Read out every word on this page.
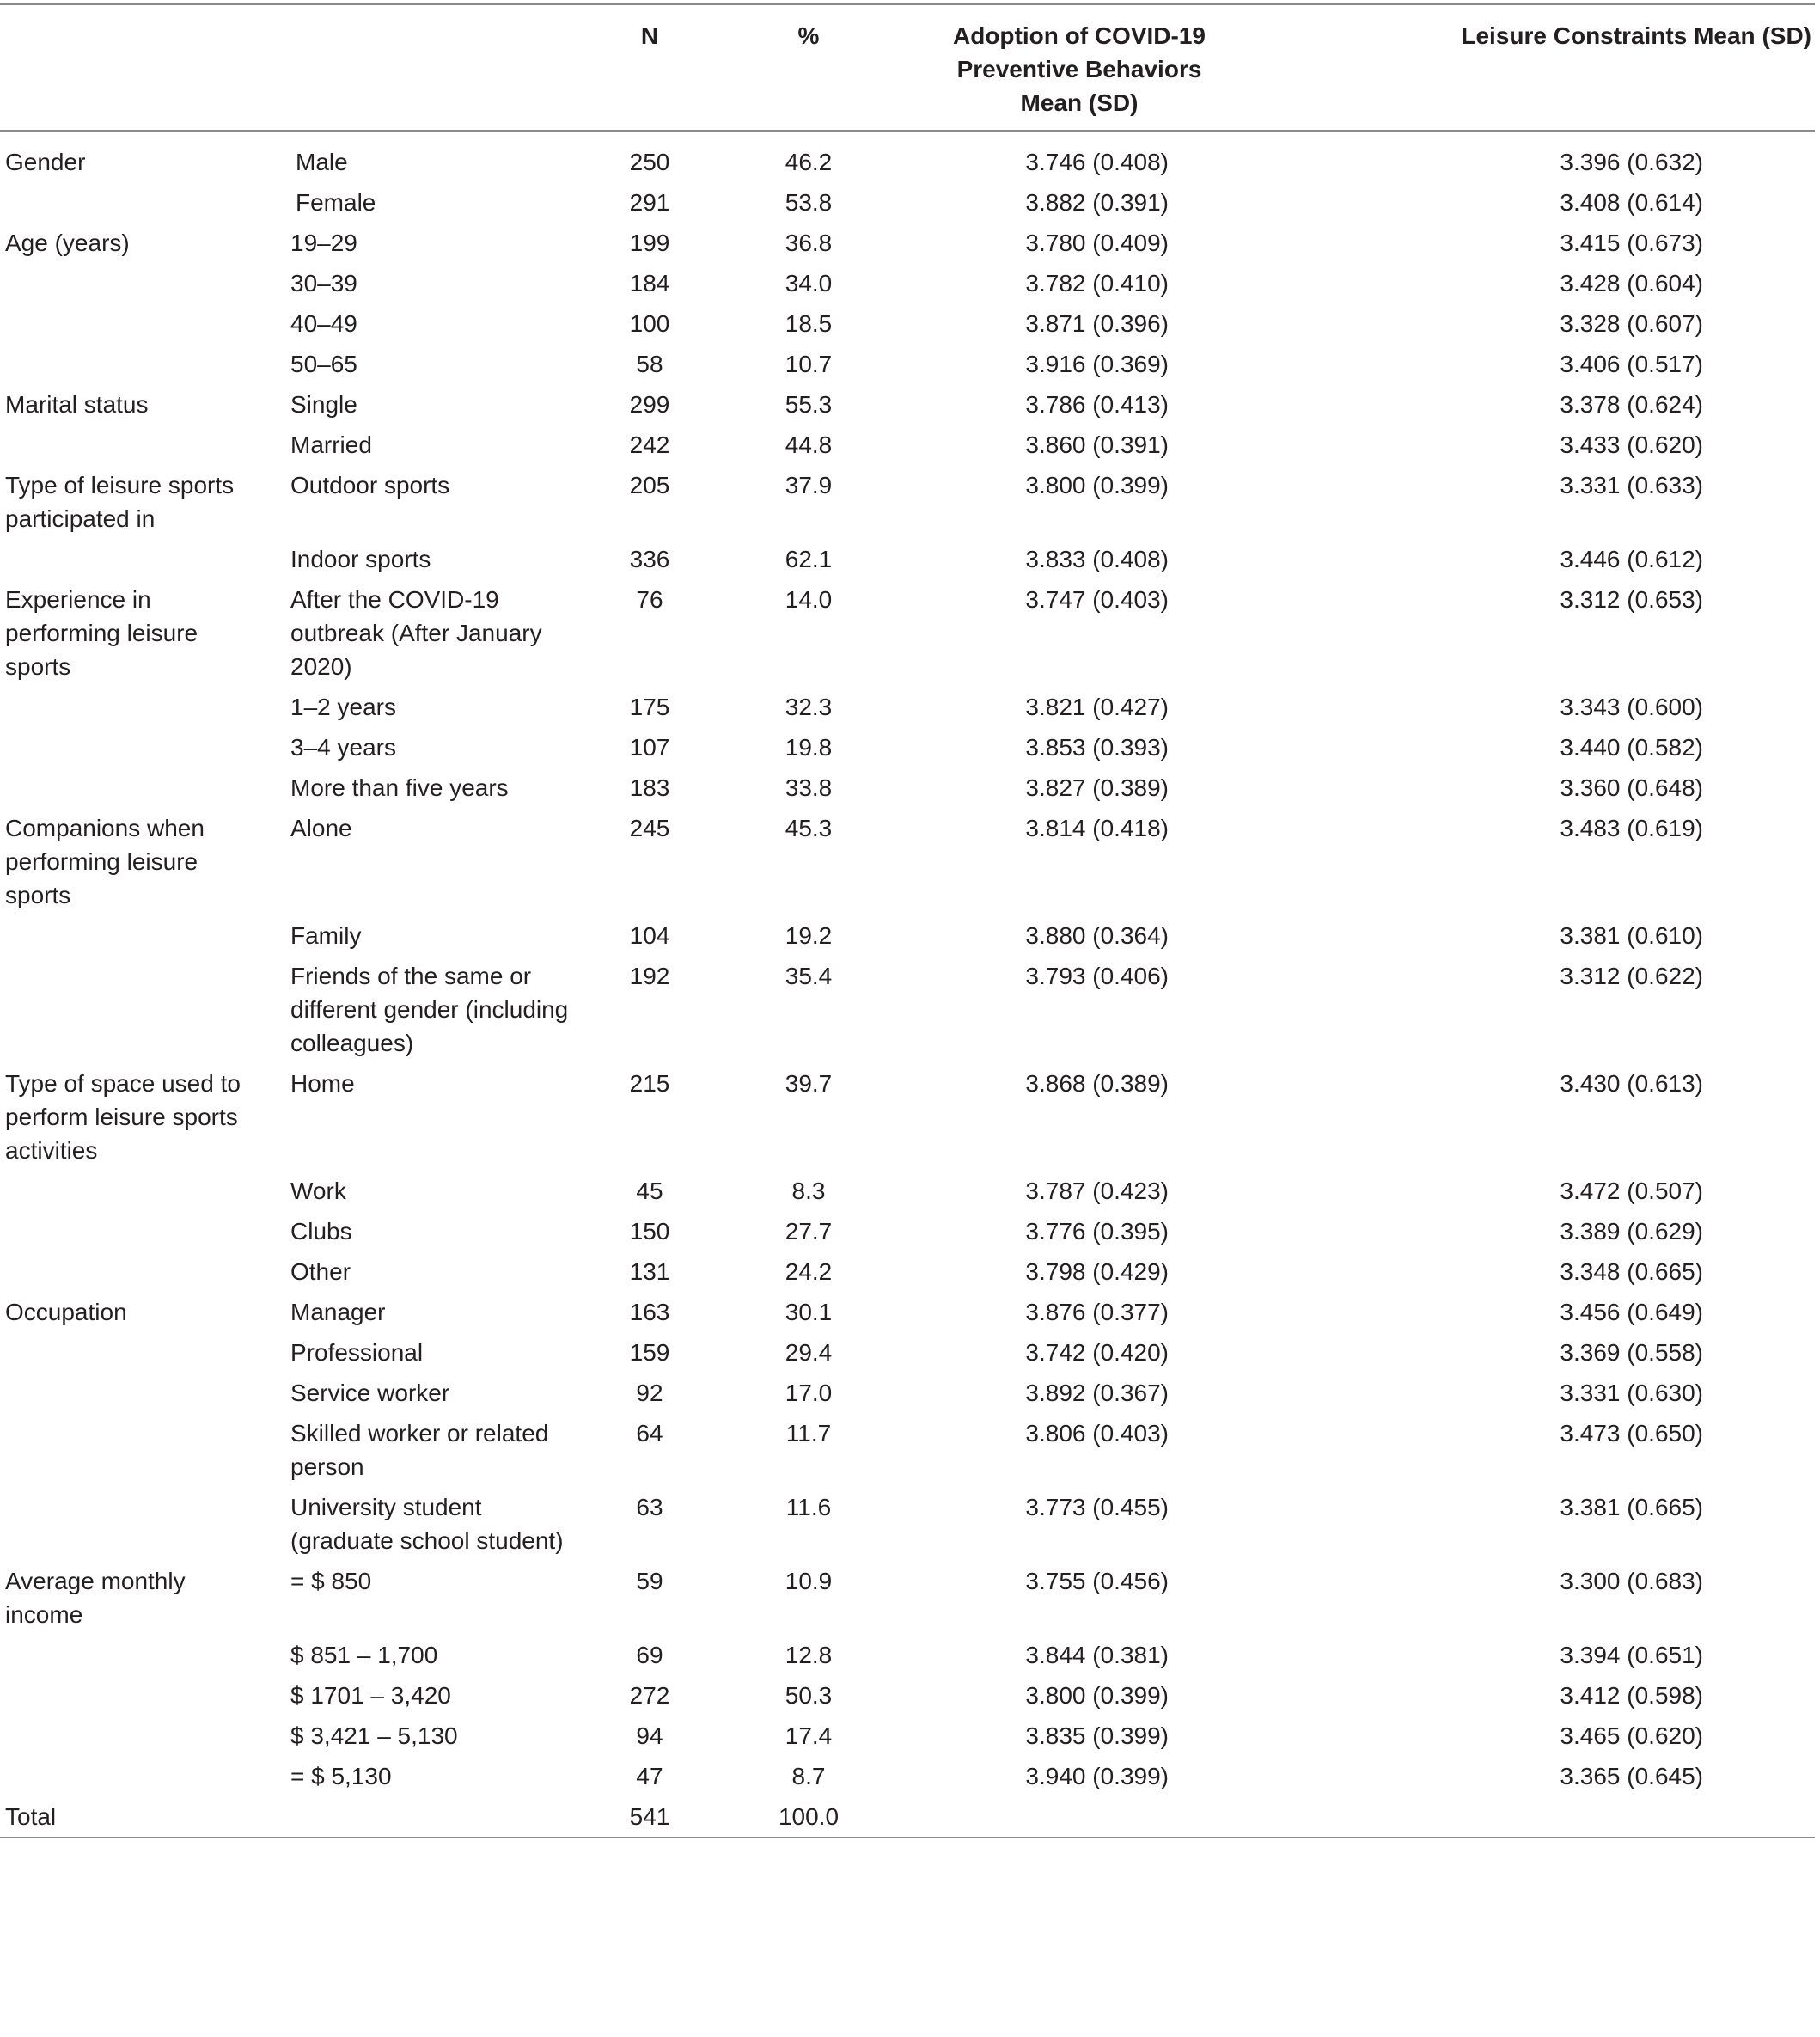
		N	%	Adoption of COVID-19 Preventive Behaviors Mean (SD)	Leisure Constraints Mean (SD)
Gender	Male	250	46.2	3.746 (0.408)	3.396 (0.632)
	Female	291	53.8	3.882 (0.391)	3.408 (0.614)
Age (years)	19–29	199	36.8	3.780 (0.409)	3.415 (0.673)
	30–39	184	34.0	3.782 (0.410)	3.428 (0.604)
	40–49	100	18.5	3.871 (0.396)	3.328 (0.607)
	50–65	58	10.7	3.916 (0.369)	3.406 (0.517)
Marital status	Single	299	55.3	3.786 (0.413)	3.378 (0.624)
	Married	242	44.8	3.860 (0.391)	3.433 (0.620)
Type of leisure sports participated in	Outdoor sports	205	37.9	3.800 (0.399)	3.331 (0.633)
	Indoor sports	336	62.1	3.833 (0.408)	3.446 (0.612)
Experience in performing leisure sports	After the COVID-19 outbreak (After January 2020)	76	14.0	3.747 (0.403)	3.312 (0.653)
	1–2 years	175	32.3	3.821 (0.427)	3.343 (0.600)
	3–4 years	107	19.8	3.853 (0.393)	3.440 (0.582)
	More than five years	183	33.8	3.827 (0.389)	3.360 (0.648)
Companions when performing leisure sports	Alone	245	45.3	3.814 (0.418)	3.483 (0.619)
	Family	104	19.2	3.880 (0.364)	3.381 (0.610)
	Friends of the same or different gender (including colleagues)	192	35.4	3.793 (0.406)	3.312 (0.622)
Type of space used to perform leisure sports activities	Home	215	39.7	3.868 (0.389)	3.430 (0.613)
	Work	45	8.3	3.787 (0.423)	3.472 (0.507)
	Clubs	150	27.7	3.776 (0.395)	3.389 (0.629)
	Other	131	24.2	3.798 (0.429)	3.348 (0.665)
Occupation	Manager	163	30.1	3.876 (0.377)	3.456 (0.649)
	Professional	159	29.4	3.742 (0.420)	3.369 (0.558)
	Service worker	92	17.0	3.892 (0.367)	3.331 (0.630)
	Skilled worker or related person	64	11.7	3.806 (0.403)	3.473 (0.650)
	University student (graduate school student)	63	11.6	3.773 (0.455)	3.381 (0.665)
Average monthly income	= $ 850	59	10.9	3.755 (0.456)	3.300 (0.683)
	$ 851 – 1,700	69	12.8	3.844 (0.381)	3.394 (0.651)
	$ 1701 – 3,420	272	50.3	3.800 (0.399)	3.412 (0.598)
	$ 3,421 – 5,130	94	17.4	3.835 (0.399)	3.465 (0.620)
	= $ 5,130	47	8.7	3.940 (0.399)	3.365 (0.645)
Total		541	100.0		
